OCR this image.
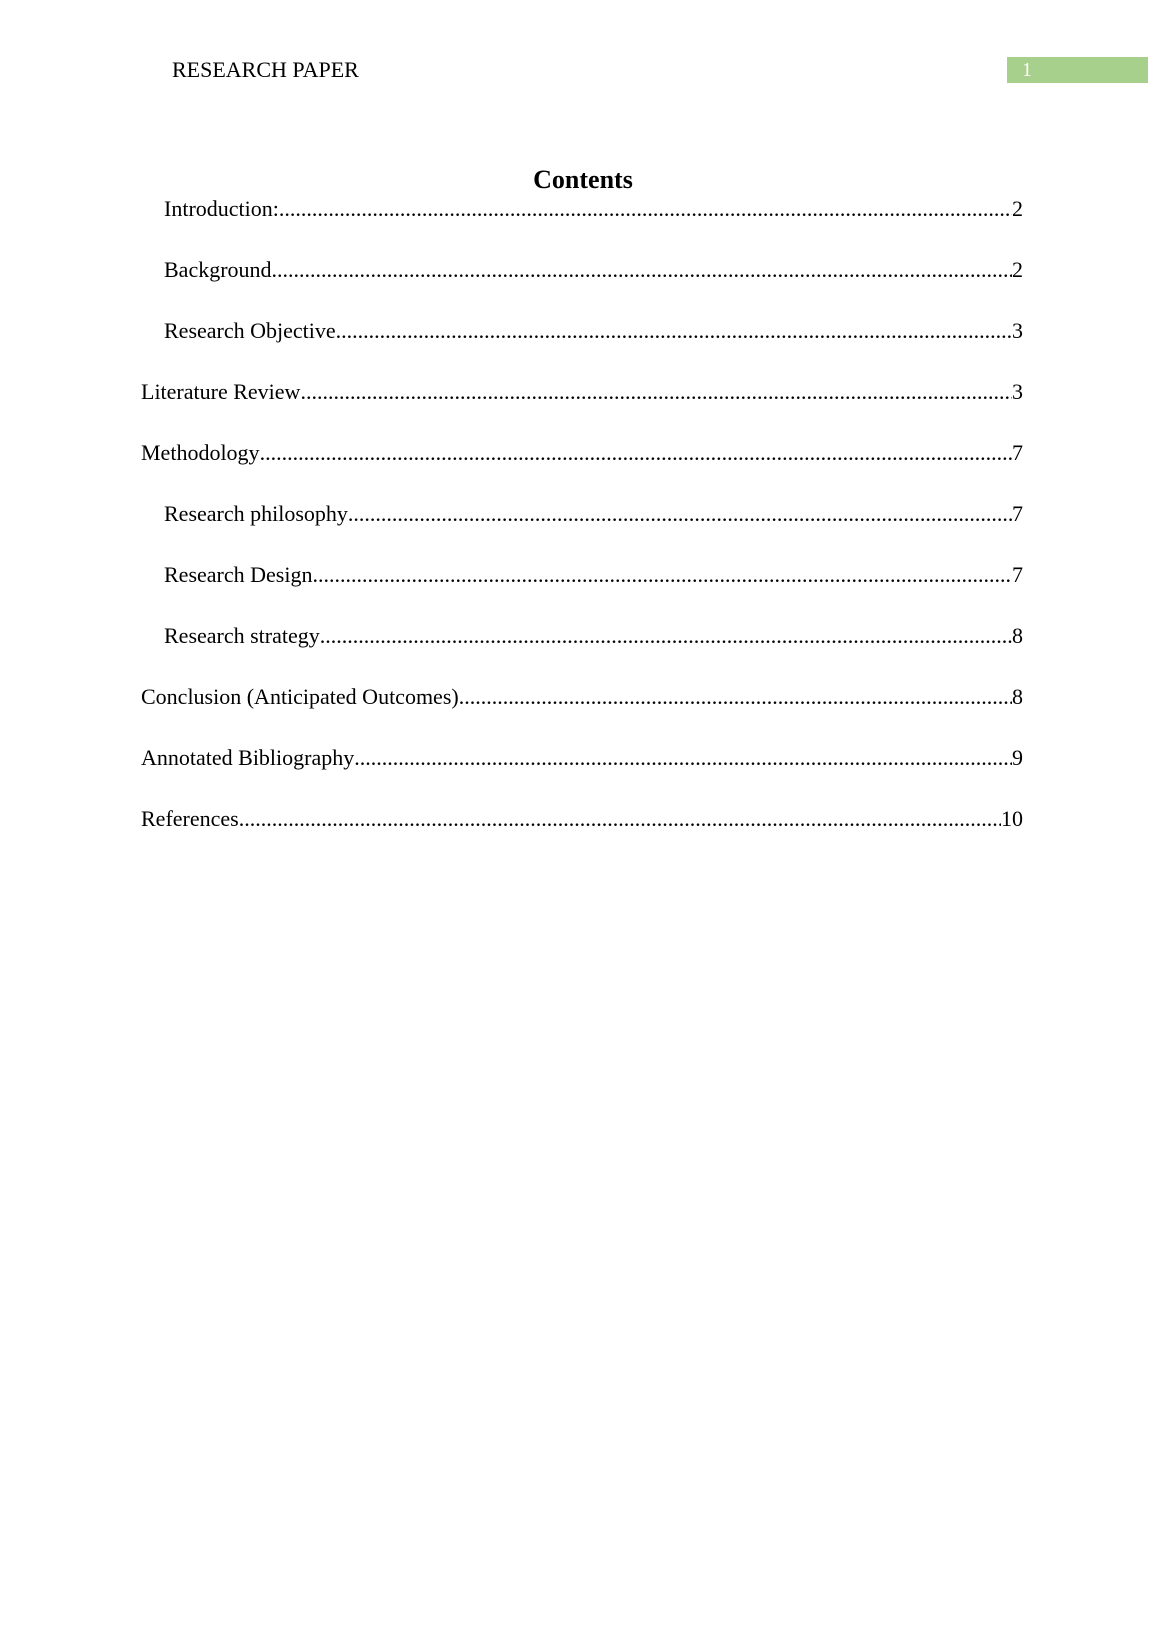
RESEARCH PAPER	1
Contents
Introduction: .....	2
Background .....	2
Research Objective .....	3
Literature Review .....	3
Methodology .....	7
Research philosophy .....	7
Research Design .....	7
Research strategy .....	8
Conclusion (Anticipated Outcomes) .....	8
Annotated Bibliography .....	9
References .....	10
